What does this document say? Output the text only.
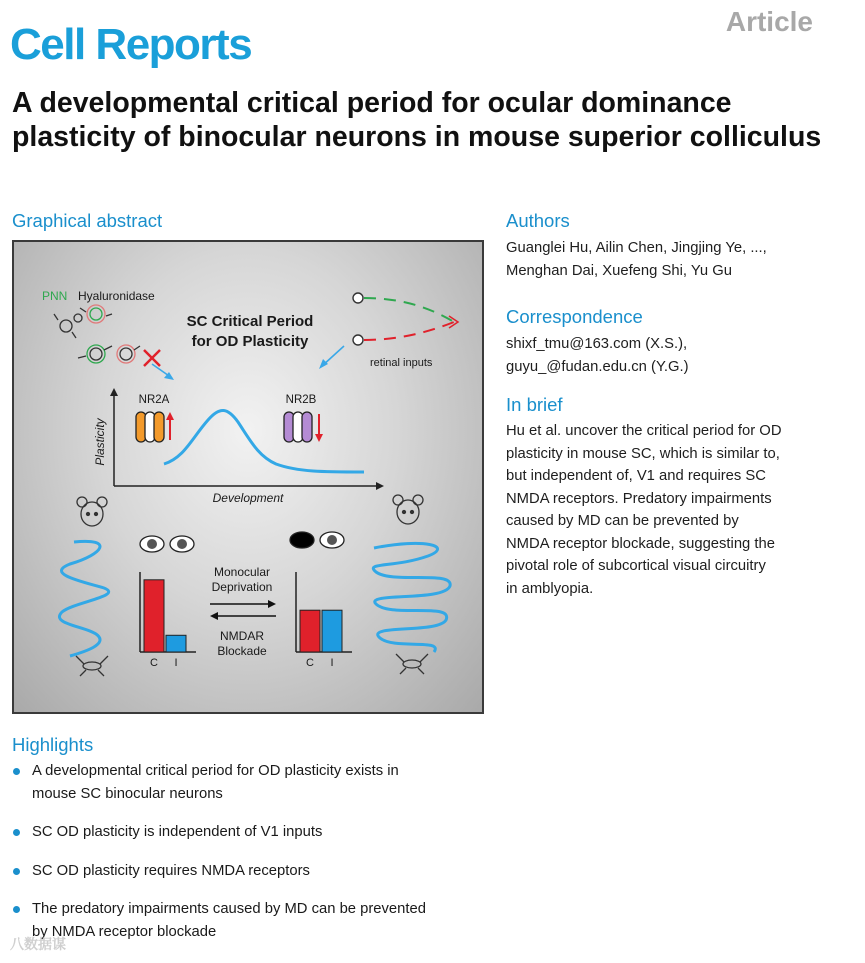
Article
Cell Reports
A developmental critical period for ocular dominance plasticity of binocular neurons in mouse superior colliculus
Graphical abstract
PNN Hyaluronidase
SC Critical Period
for OD Plasticity
retinal inputs
NR2A	NR2B
Plasticity
Development
C I	C I
Monocular
Deprivation
NMDAR
Blockade
Authors
Guanglei Hu, Ailin Chen, Jingjing Ye, ...,
Menghan Dai, Xuefeng Shi, Yu Gu
Correspondence
shixf_tmu@163.com (X.S.),
guyu_@fudan.edu.cn (Y.G.)
In brief
Hu et al. uncover the critical period for OD
plasticity in mouse SC, which is similar to,
but independent of, V1 and requires SC
NMDA receptors. Predatory impairments
caused by MD can be prevented by
NMDA receptor blockade, suggesting the
pivotal role of subcortical visual circuitry
in amblyopia.
Highlights
A developmental critical period for OD plasticity exists in
mouse SC binocular neurons
SC OD plasticity is independent of V1 inputs
SC OD plasticity requires NMDA receptors
The predatory impairments caused by MD can be prevented
by NMDA receptor blockade
八数据谋
